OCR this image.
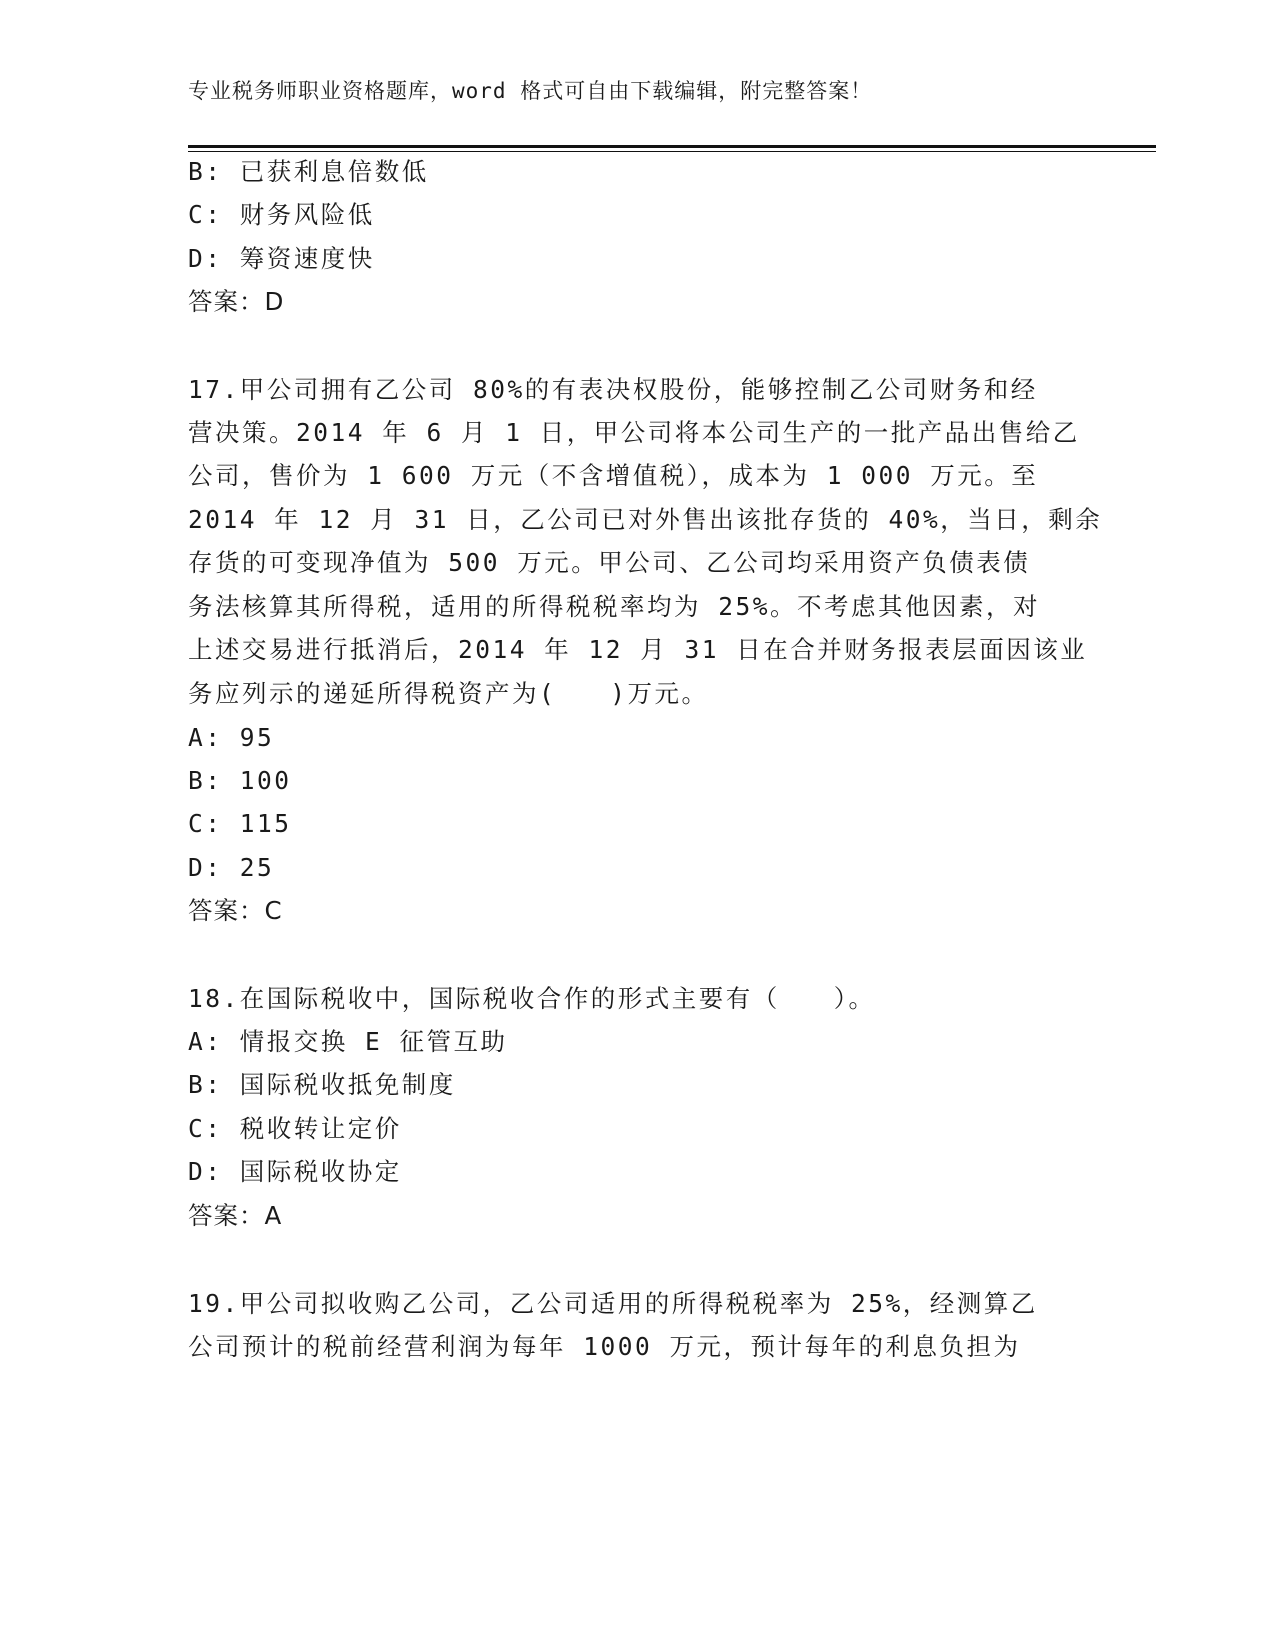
专业税务师职业资格题库，word 格式可自由下载编辑，附完整答案！
B: 已获利息倍数低
C: 财务风险低
D: 筹资速度快
答案：D
17.甲公司拥有乙公司 80%的有表决权股份，能够控制乙公司财务和经
营决策。2014 年 6 月 1 日，甲公司将本公司生产的一批产品出售给乙
公司，售价为 1 600 万元（不含增值税），成本为 1 000 万元。至
2014 年 12 月 31 日，乙公司已对外售出该批存货的 40%，当日，剩余
存货的可变现净值为 500 万元。甲公司、乙公司均采用资产负债表债
务法核算其所得税，适用的所得税税率均为 25%。不考虑其他因素，对
上述交易进行抵消后，2014 年 12 月 31 日在合并财务报表层面因该业
务应列示的递延所得税资产为(　　)万元。
A: 95
B: 100
C: 115
D: 25
答案：C
18.在国际税收中，国际税收合作的形式主要有（　　）。
A: 情报交换 E 征管互助
B: 国际税收抵免制度
C: 税收转让定价
D: 国际税收协定
答案：A
19.甲公司拟收购乙公司，乙公司适用的所得税税率为 25%，经测算乙
公司预计的税前经营利润为每年 1000 万元，预计每年的利息负担为
